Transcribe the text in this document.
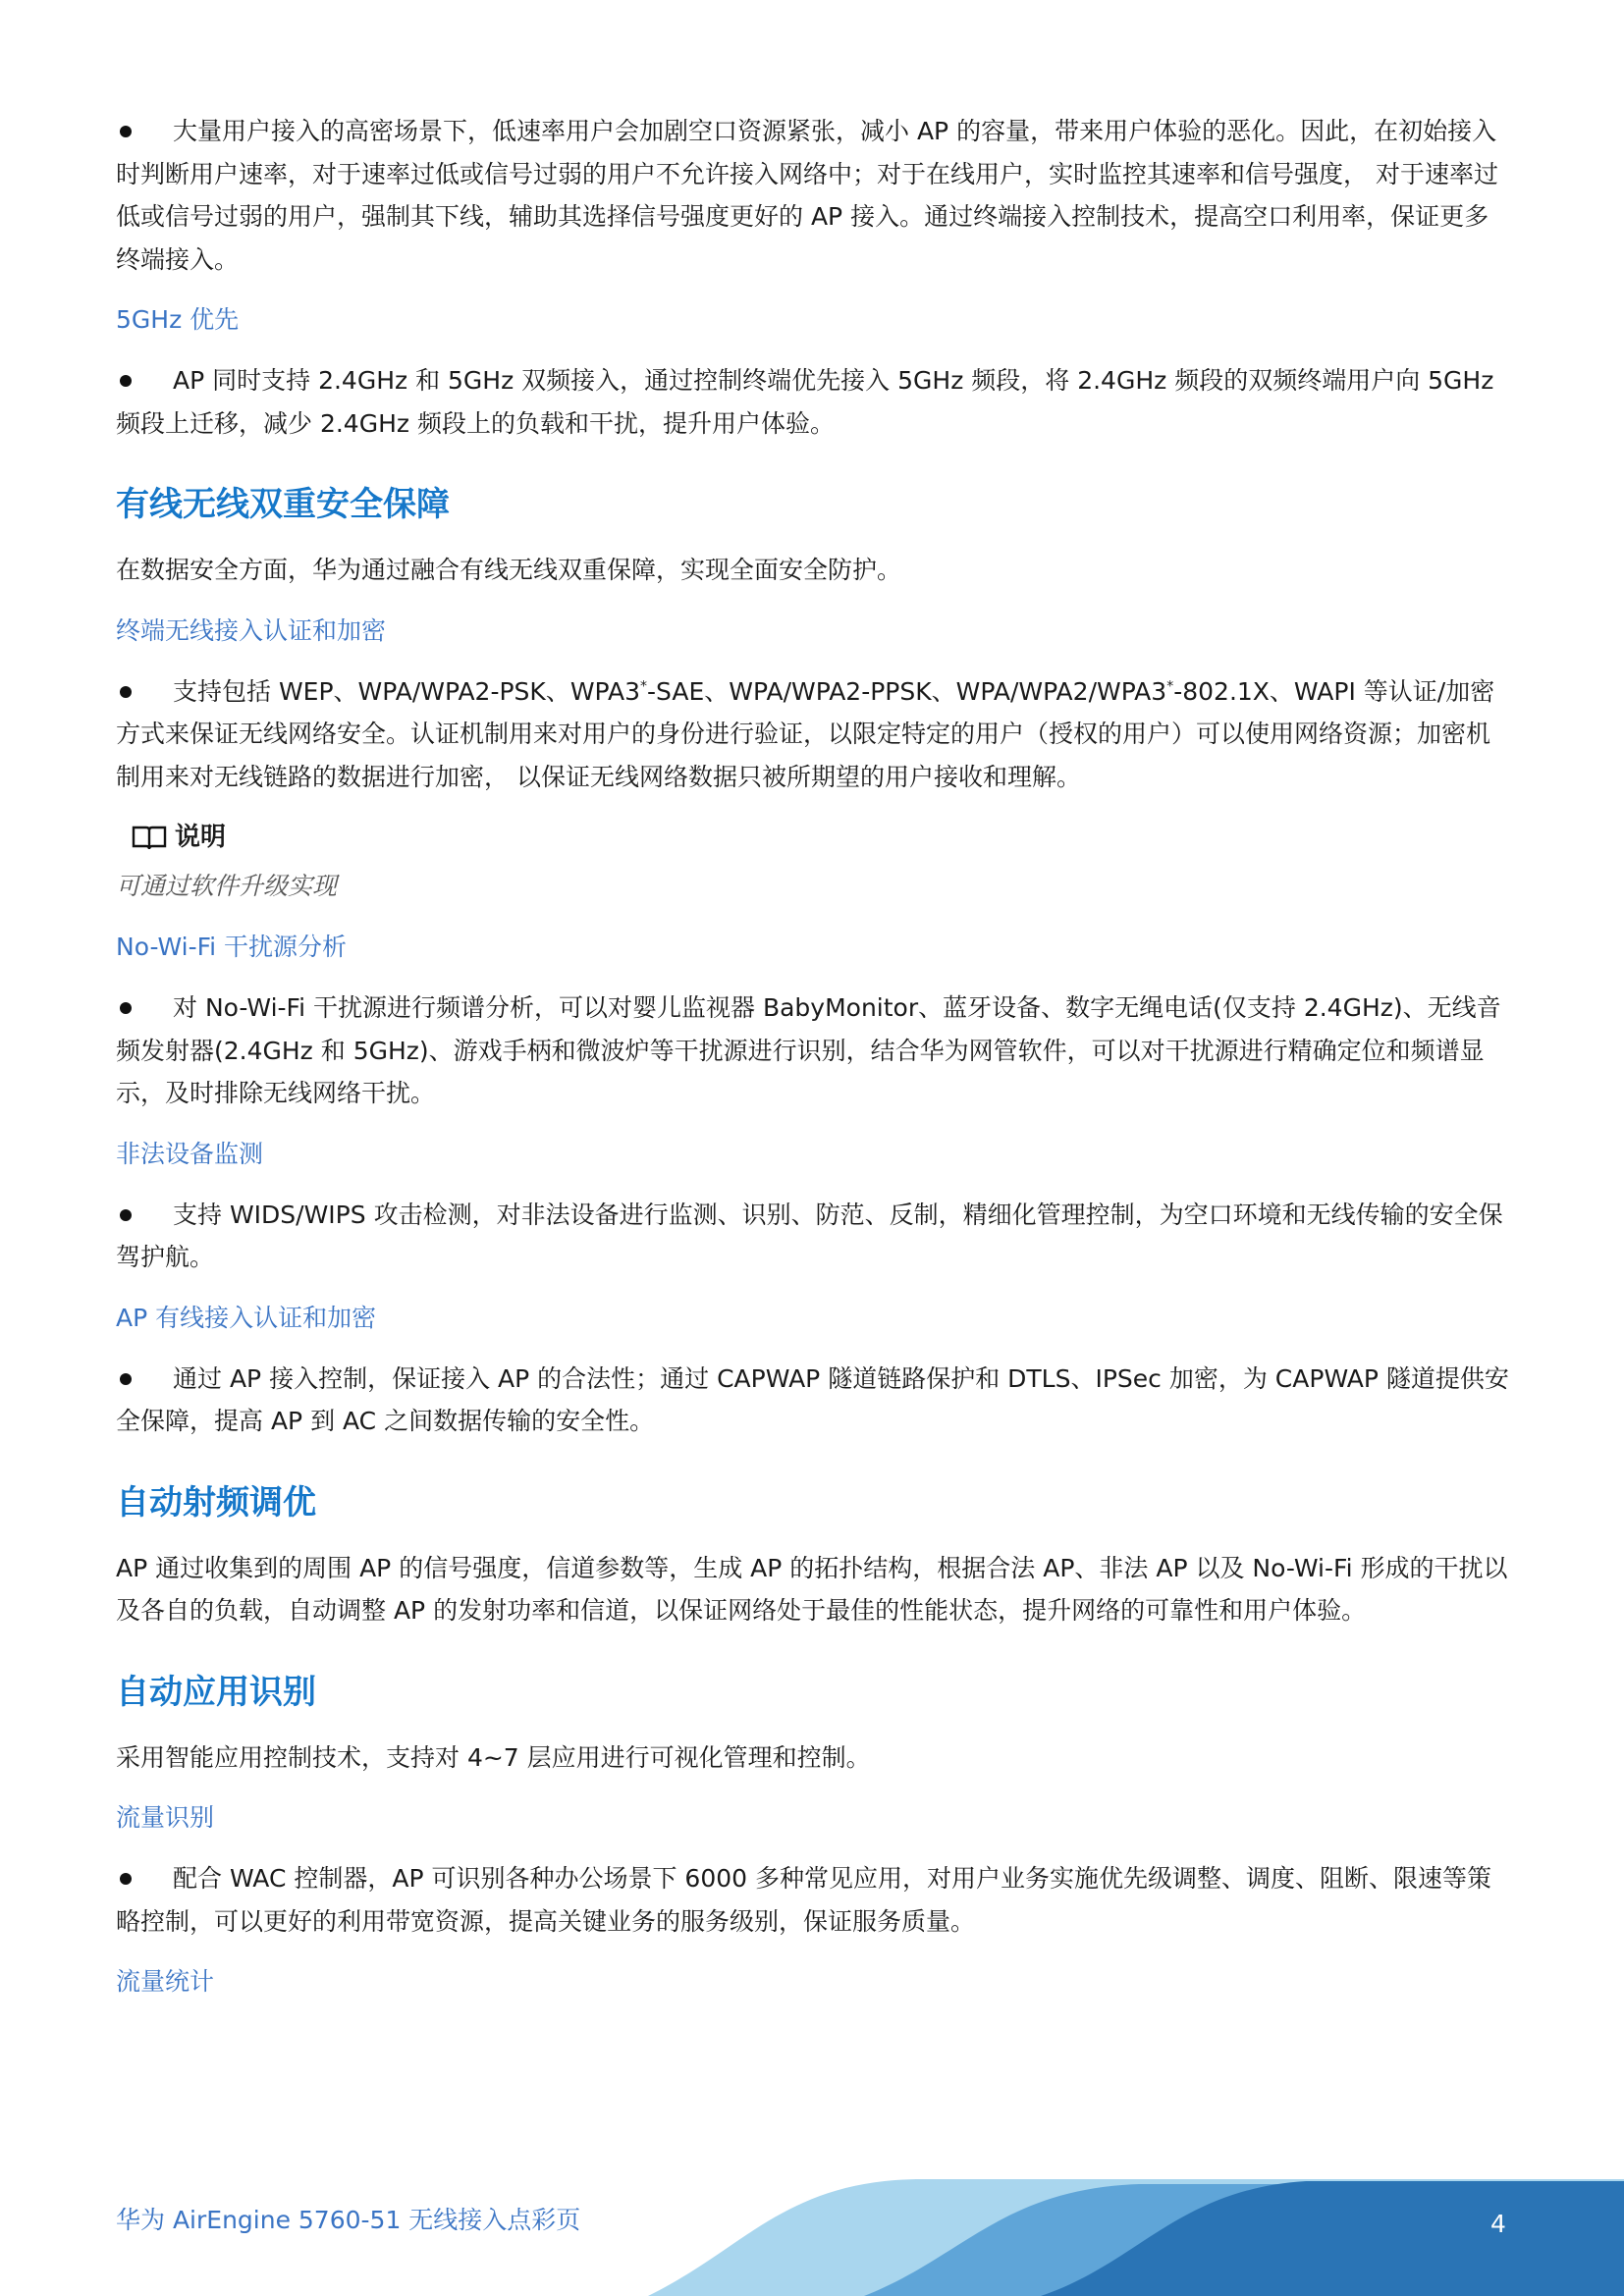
大量用户接入的高密场景下，低速率用户会加剧空口资源紧张，减小 AP 的容量，带来用户体验的恶化。因此，在初始接入时判断用户速率，对于速率过低或信号过弱的用户不允许接入网络中；对于在线用户，实时监控其速率和信号强度， 对于速率过低或信号过弱的用户，强制其下线，辅助其选择信号强度更好的 AP 接入。通过终端接入控制技术，提高空口利用率，保证更多终端接入。

5GHz 优先

AP 同时支持 2.4GHz 和 5GHz 双频接入，通过控制终端优先接入 5GHz 频段，将 2.4GHz 频段的双频终端用户向 5GHz 频段上迁移，减少 2.4GHz 频段上的负载和干扰，提升用户体验。

有线无线双重安全保障

在数据安全方面，华为通过融合有线无线双重保障，实现全面安全防护。

终端无线接入认证和加密

支持包括 WEP、WPA/WPA2-PSK、WPA3*-SAE、WPA/WPA2-PPSK、WPA/WPA2/WPA3*-802.1X、WAPI 等认证/加密方式来保证无线网络安全。认证机制用来对用户的身份进行验证，以限定特定的用户（授权的用户）可以使用网络资源；加密机制用来对无线链路的数据进行加密， 以保证无线网络数据只被所期望的用户接收和理解。

说明
可通过软件升级实现
No-Wi-Fi 干扰源分析

对 No-Wi-Fi 干扰源进行频谱分析，可以对婴儿监视器 BabyMonitor、蓝牙设备、数字无绳电话(仅支持 2.4GHz)、无线音频发射器(2.4GHz 和 5GHz)、游戏手柄和微波炉等干扰源进行识别，结合华为网管软件，可以对干扰源进行精确定位和频谱显示，及时排除无线网络干扰。

非法设备监测

支持 WIDS/WIPS 攻击检测，对非法设备进行监测、识别、防范、反制，精细化管理控制，为空口环境和无线传输的安全保驾护航。

AP 有线接入认证和加密

通过 AP 接入控制，保证接入 AP 的合法性；通过 CAPWAP 隧道链路保护和 DTLS、IPSec 加密，为 CAPWAP 隧道提供安全保障，提高 AP 到 AC 之间数据传输的安全性。

自动射频调优

AP 通过收集到的周围 AP 的信号强度，信道参数等，生成 AP 的拓扑结构，根据合法 AP、非法 AP 以及 No-Wi-Fi 形成的干扰以及各自的负载，自动调整 AP 的发射功率和信道，以保证网络处于最佳的性能状态，提升网络的可靠性和用户体验。

自动应用识别

采用智能应用控制技术，支持对 4~7 层应用进行可视化管理和控制。

流量识别

配合 WAC 控制器，AP 可识别各种办公场景下 6000 多种常见应用，对用户业务实施优先级调整、调度、阻断、限速等策略控制，可以更好的利用带宽资源，提高关键业务的服务级别，保证服务质量。

流量统计
华为 AirEngine 5760-51 无线接入点彩页	4
